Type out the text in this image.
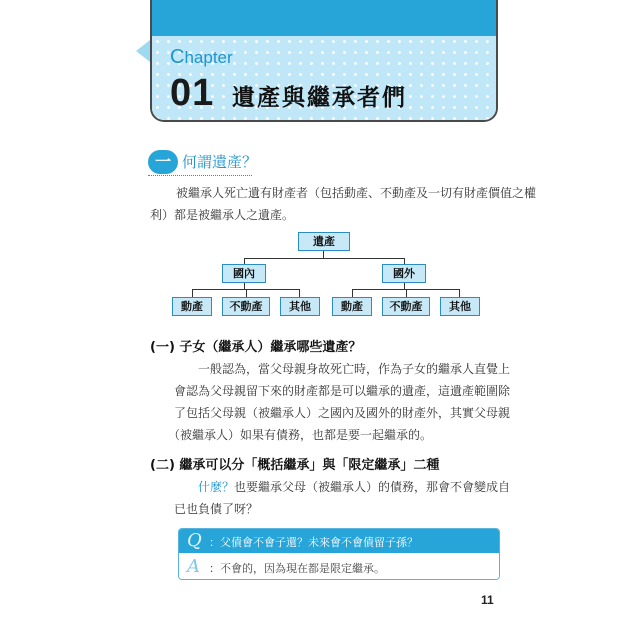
Chapter
01 遺產與繼承者們
一 何謂遺產？
被繼承人死亡遺有財產者（包括動產、不動產及一切有財產價值之權
利）都是被繼承人之遺產。
遺產
國內	國外
動產	不動產	其他	動產	不動產	其他
(一) 子女（繼承人）繼承哪些遺產？
一般認為，當父母親身故死亡時，作為子女的繼承人直覺上
會認為父母親留下來的財產都是可以繼承的遺產，這遺產範圍除
了包括父母親（被繼承人）之國內及國外的財產外，其實父母親
（被繼承人）如果有債務，也都是要一起繼承的。
(二) 繼承可以分「概括繼承」與「限定繼承」二種
什麼？也要繼承父母（被繼承人）的債務，那會不會變成自
已也負債了呀？
Q ：父債會不會子還？未來會不會債留子孫？
A ：不會的，因為現在都是限定繼承。
11
